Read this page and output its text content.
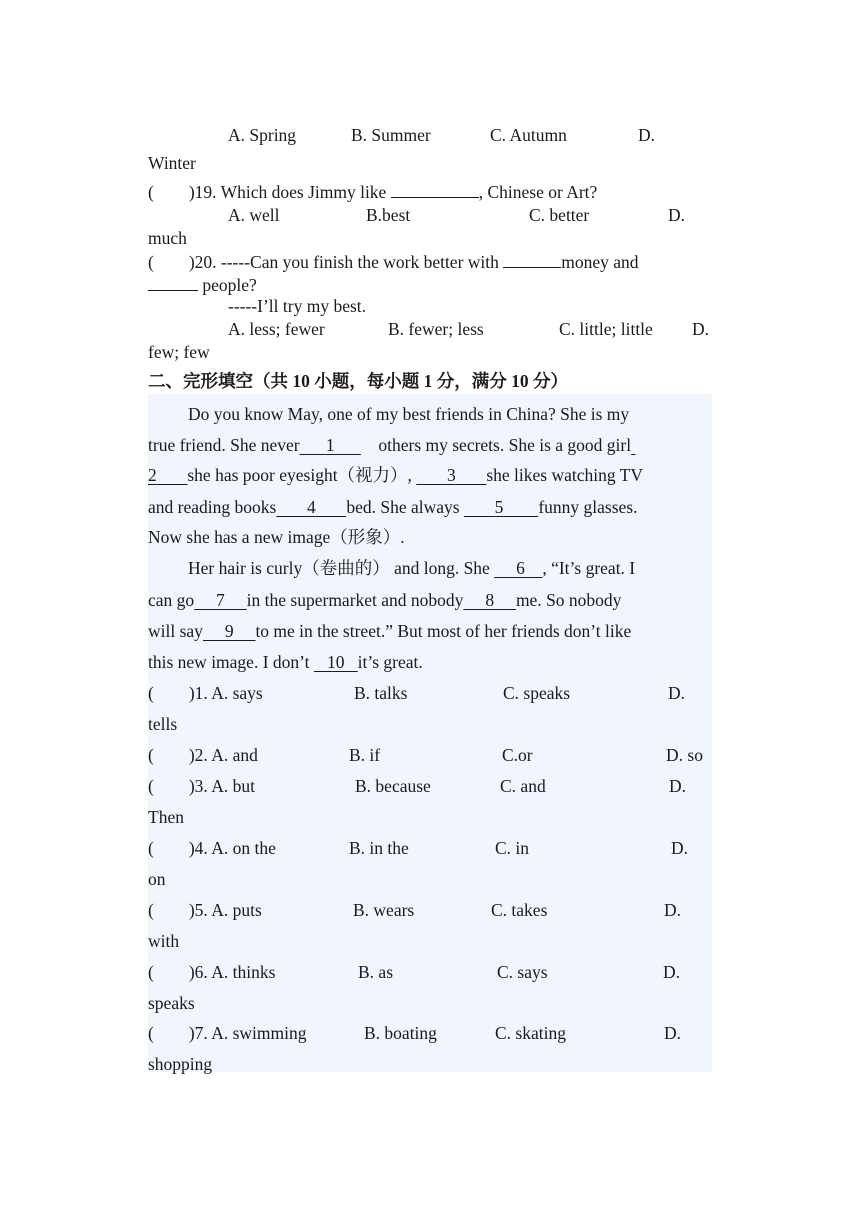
A. Spring	B. Summer	C. Autumn	D.
Winter
(        )19. Which does Jimmy like	, Chinese or Art?
A. well	B.best	C. better	D.
much
(        )20. -----Can you finish the work better with	money and
people?
-----I’ll try my best.
A. less; fewer	B. fewer; less	C. little; little D.
few; few
二、完形填空（共 10 小题，每小题 1 分，满分 10 分）
Do you know May, one of my best friends in China? She is my
true friend. She never 1	others my secrets. She is a good girl
2 she has poor eyesight（视力）,        3 she likes watching TV
and reading books 4 bed. She always        5 funny glasses.
Now she has a new image（形象）.
Her hair is curly（卷曲的） and long. She      6 , “It’s great. I
can go 7 in the supermarket and nobody 8 me. So nobody
will say 9 to me in the street.” But most of her friends don’t like
this new image. I don’t    10 it’s great.
(        )1. A. says	B. talks	C. speaks	D.
tells
(        )2. A. and	B. if	C.or	D. so
(        )3. A. but	B. because	C. and	D.
Then
(        )4. A. on the	B. in the	C. in	D.
on
(        )5. A. puts	B. wears	C. takes	D.
with
(        )6. A. thinks	B. as	C. says	D.
speaks
(        )7. A. swimming	B. boating	C. skating	D.
shopping
